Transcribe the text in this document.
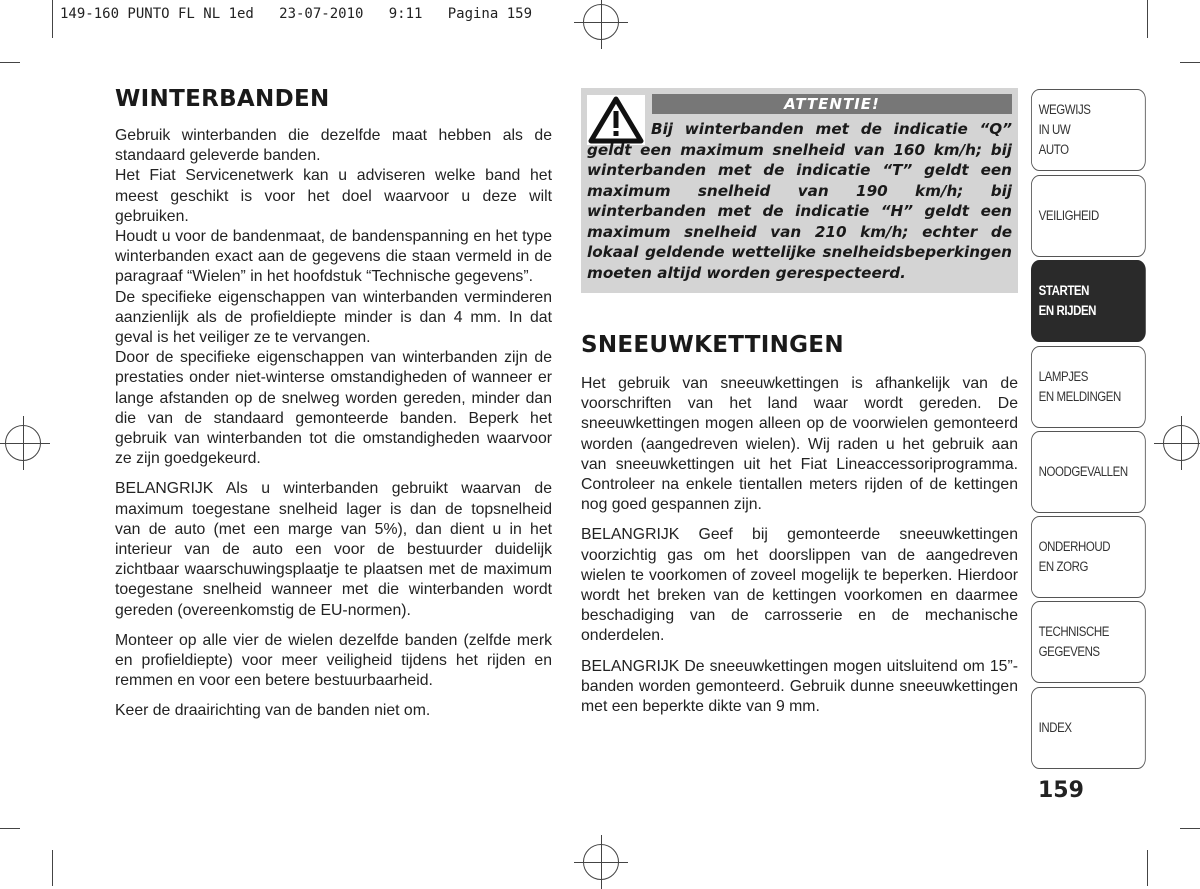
149-160 PUNTO FL NL 1ed   23-07-2010   9:11   Pagina 159
WINTERBANDEN

Gebruik winterbanden die dezelfde maat hebben als de standaard geleverde banden.

Het Fiat Servicenetwerk kan u adviseren welke band het meest geschikt is voor het doel waarvoor u deze wilt gebruiken.

Houdt u voor de bandenmaat, de bandenspanning en het type winterbanden exact aan de gegevens die staan vermeld in de paragraaf “Wielen” in het hoofdstuk “Technische gegevens”.

De specifieke eigenschappen van winterbanden verminderen aanzienlijk als de profieldiepte minder is dan 4 mm. In dat geval is het veiliger ze te vervangen.

Door de specifieke eigenschappen van winterbanden zijn de prestaties onder niet-winterse omstandigheden of wanneer er lange afstanden op de snelweg worden gereden, minder dan die van de standaard gemonteerde banden. Beperk het gebruik van winterbanden tot die omstandigheden waarvoor ze zijn goedgekeurd.

BELANGRIJK Als u winterbanden gebruikt waarvan de maximum toegestane snelheid lager is dan de topsnelheid van de auto (met een marge van 5%), dan dient u in het interieur van de auto een voor de bestuurder duidelijk zichtbaar waarschuwingsplaatje te plaatsen met de maximum toegestane snelheid wanneer met die winterbanden wordt gereden (overeenkomstig de EU-normen).

Monteer op alle vier de wielen dezelfde banden (zelfde merk en profieldiepte) voor meer veiligheid tijdens het rijden en remmen en voor een betere bestuurbaarheid.

Keer de draairichting van de banden niet om.

ATTENTIE!
Bij winterbanden met de indicatie “Q” geldt een maximum snelheid van 160 km/h; bij winterbanden met de indicatie “T” geldt een maximum snelheid van 190 km/h; bij winterbanden met de indicatie “H” geldt een maximum snelheid van 210 km/h; echter de lokaal geldende wettelijke snelheidsbeperkingen moeten altijd worden gerespecteerd.
SNEEUWKETTINGEN

Het gebruik van sneeuwkettingen is afhankelijk van de voorschriften van het land waar wordt gereden. De sneeuwkettingen mogen alleen op de voorwielen gemonteerd worden (aangedreven wielen). Wij raden u het gebruik aan van sneeuwkettingen uit het Fiat Lineaccessoriprogramma. Controleer na enkele tientallen meters rijden of de kettingen nog goed gespannen zijn.

BELANGRIJK Geef bij gemonteerde sneeuwkettingen voorzichtig gas om het doorslippen van de aangedreven wielen te voorkomen of zoveel mogelijk te beperken. Hierdoor wordt het breken van de kettingen voorkomen en daarmee beschadiging van de carrosserie en de mechanische onderdelen.

BELANGRIJK De sneeuwkettingen mogen uitsluitend om 15”-banden worden gemonteerd. Gebruik dunne sneeuwkettingen met een beperkte dikte van 9 mm.

WEGWIJS
IN UW
AUTO
VEILIGHEID
STARTEN
EN RIJDEN
LAMPJES
EN MELDINGEN
NOODGEVALLEN
ONDERHOUD
EN ZORG
TECHNISCHE
GEGEVENS
INDEX
159
